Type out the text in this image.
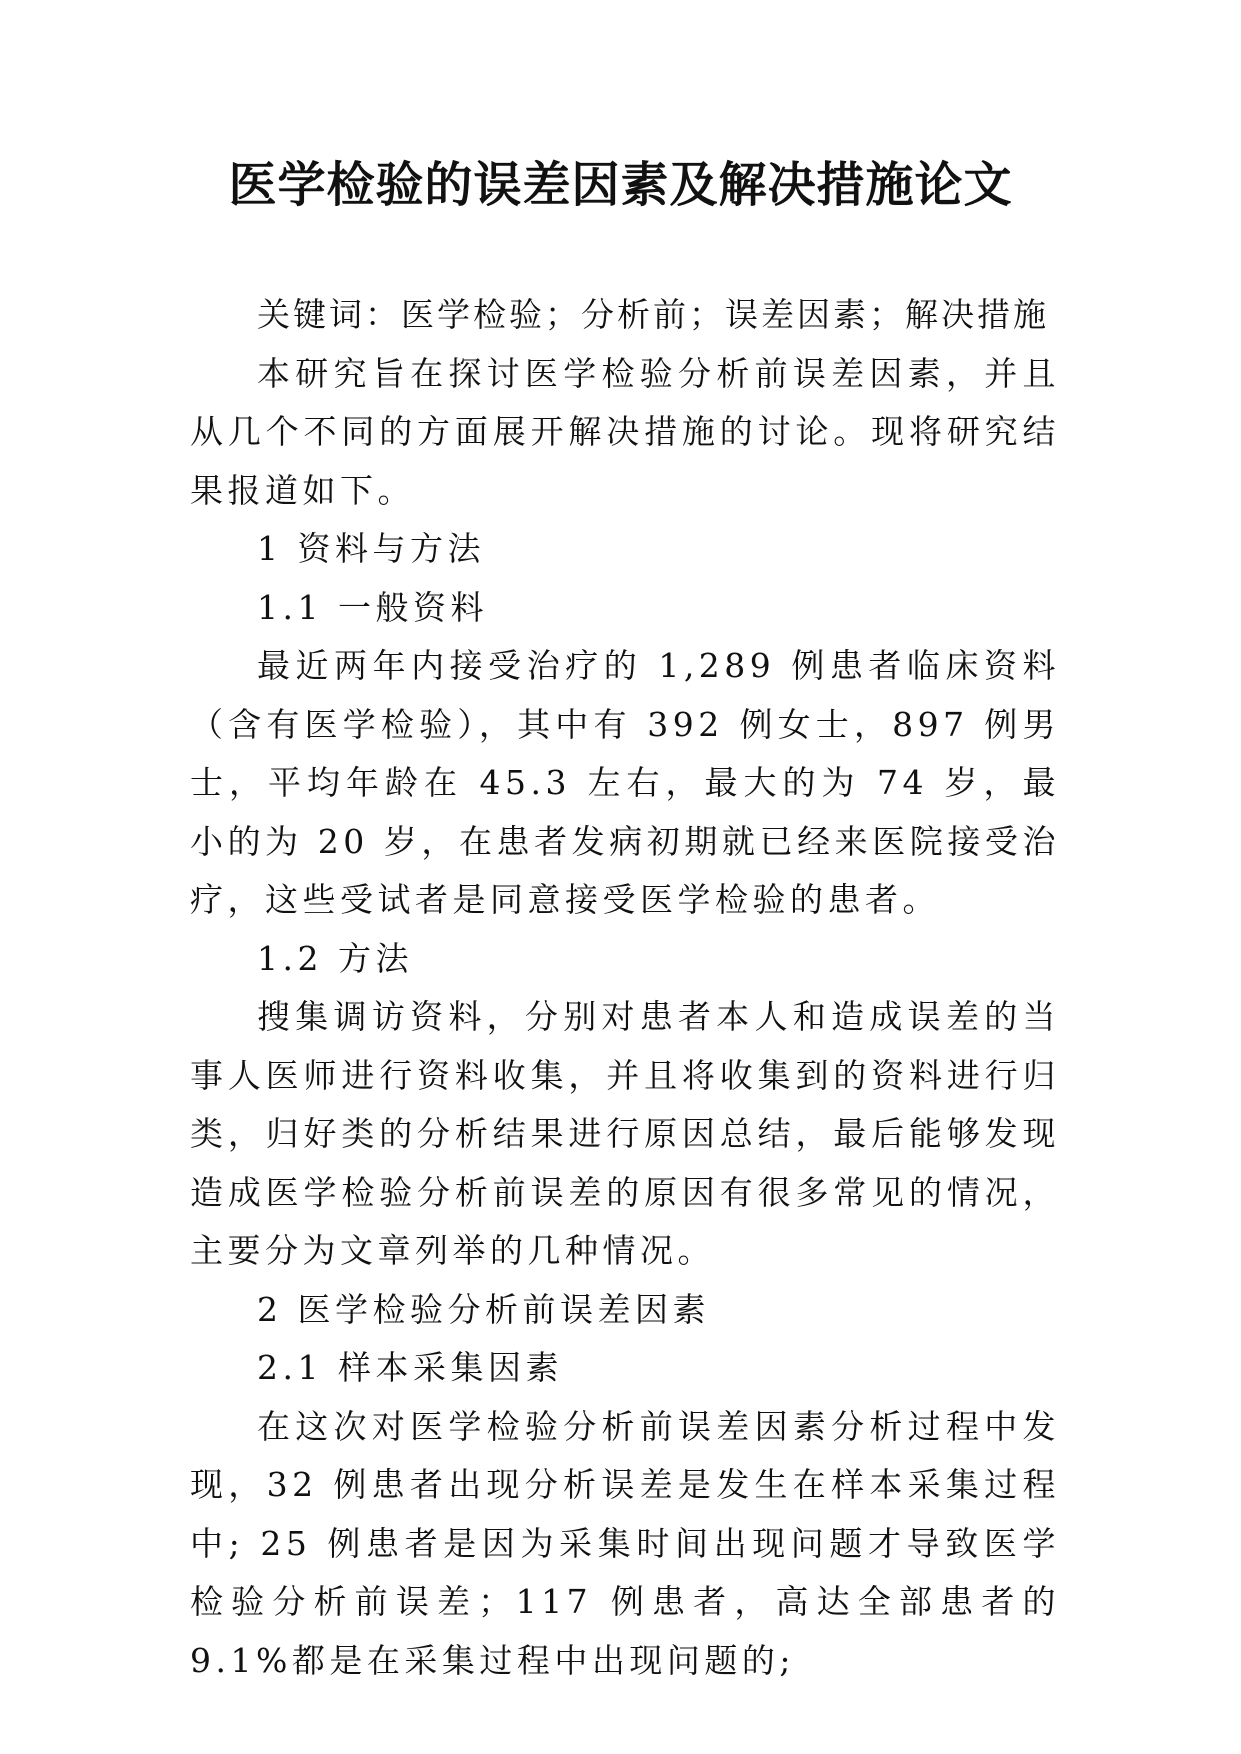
医学检验的误差因素及解决措施论文

关键词：医学检验；分析前；误差因素；解决措施

本研究旨在探讨医学检验分析前误差因素，并且从几个不同的方面展开解决措施的讨论。现将研究结果报道如下。

1 资料与方法

1.1 一般资料

最近两年内接受治疗的 1,289 例患者临床资料（含有医学检验），其中有 392 例女士，897 例男士，平均年龄在 45.3 左右，最大的为 74 岁，最小的为 20 岁，在患者发病初期就已经来医院接受治疗，这些受试者是同意接受医学检验的患者。

1.2 方法

搜集调访资料，分别对患者本人和造成误差的当事人医师进行资料收集，并且将收集到的资料进行归类，归好类的分析结果进行原因总结，最后能够发现造成医学检验分析前误差的原因有很多常见的情况，主要分为文章列举的几种情况。

2 医学检验分析前误差因素

2.1 样本采集因素

在这次对医学检验分析前误差因素分析过程中发现，32 例患者出现分析误差是发生在样本采集过程中; 25 例患者是因为采集时间出现问题才导致医学检验分析前误差；117 例患者，高达全部患者的 9.1%都是在采集过程中出现问题的;
